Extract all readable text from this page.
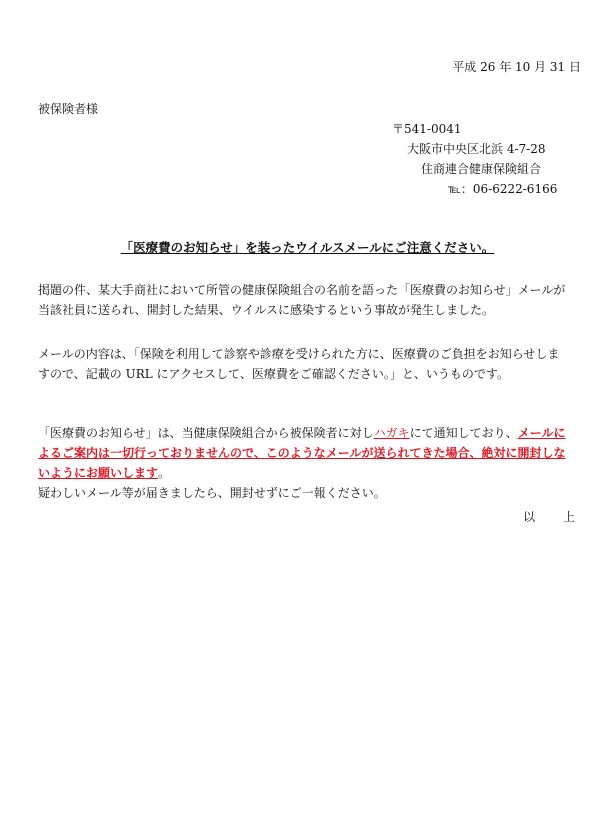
平成 26 年 10 月 31 日
被保険者様
〒541-0041
大阪市中央区北浜 4-7-28
住商連合健康保険組合
℡：06-6222-6166
「医療費のお知らせ」を装ったウイルスメールにご注意ください。
掲題の件、某大手商社において所管の健康保険組合の名前を語った「医療費のお知らせ」メールが
当該社員に送られ、開封した結果、ウイルスに感染するという事故が発生しました。
メールの内容は、「保険を利用して診察や診療を受けられた方に、医療費のご負担をお知らせしま
すので、記載の URL にアクセスして、医療費をご確認ください。」と、いうものです。
「医療費のお知らせ」は、当健康保険組合から被保険者に対しハガキにて通知しており、メールに
よるご案内は一切行っておりませんので、このようなメールが送られてきた場合、絶対に開封しな
いようにお願いします。
疑わしいメール等が届きましたら、開封せずにご一報ください。
以 上
